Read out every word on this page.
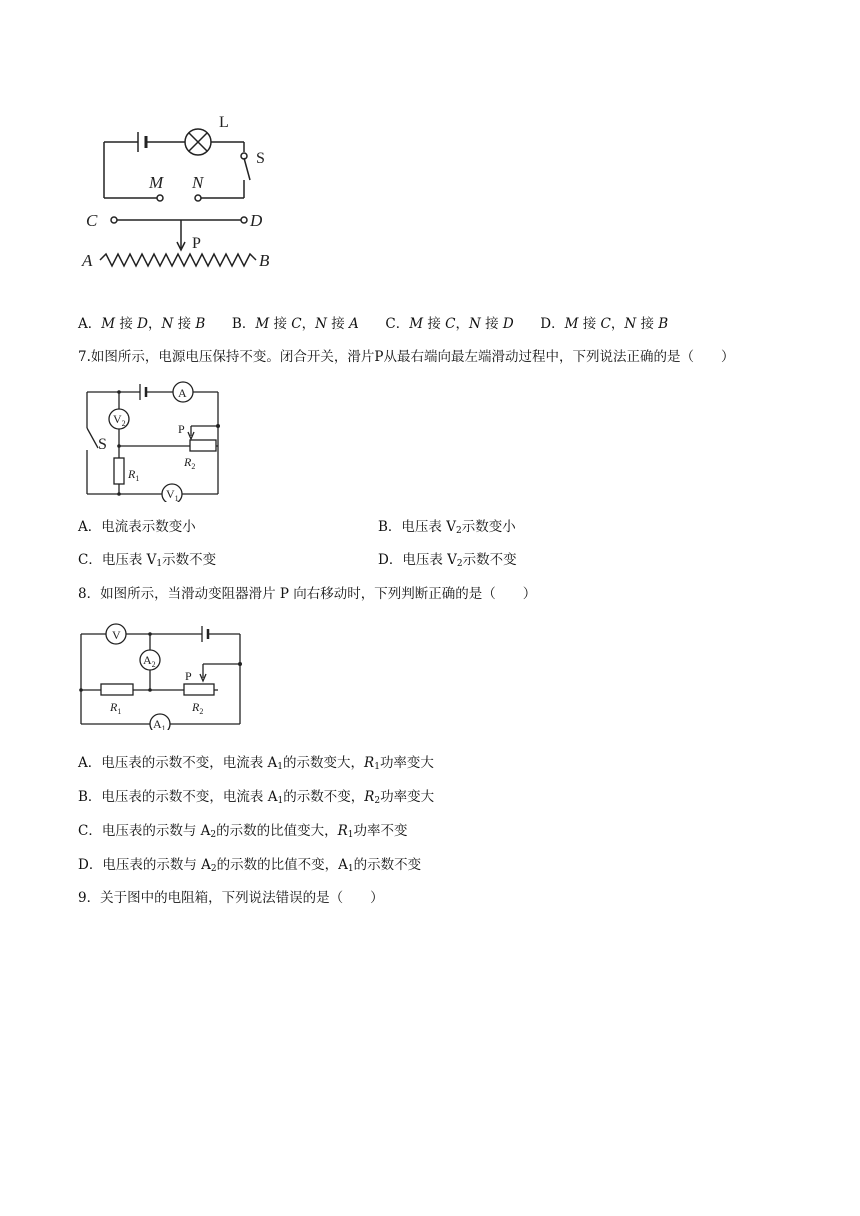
L
S
M N
C	D
P
A	B
A．M 接 D，N 接 B B．M 接 C，N 接 A C．M 接 C，N 接 D D．M 接 C，N 接 B
7.如图所示，电源电压保持不变。闭合开关，滑片P从最右端向最左端滑动过程中，下列说法正确的是（　　）
A
$V_2$
$V_1$
S
P
$R_1$
$R_2$
A．电流表示数变小	B．电压表 $V_2$示数变小
C．电压表 $V_1$示数不变	D．电压表 $V_2$示数不变
8．如图所示，当滑动变阻器滑片 P 向右移动时，下列判断正确的是（　　）
V
$A_2$
$A_1$
P
$R_1$	$R_2$
A．电压表的示数不变，电流表 $A_1$的示数变大，$R_1$功率变大
B．电压表的示数不变，电流表 $A_1$的示数不变，$R_2$功率变大
C．电压表的示数与 $A_2$的示数的比值变大，$R_1$功率不变
D．电压表的示数与 $A_2$的示数的比值不变，$A_1$的示数不变
9．关于图中的电阻箱，下列说法错误的是（　　）
